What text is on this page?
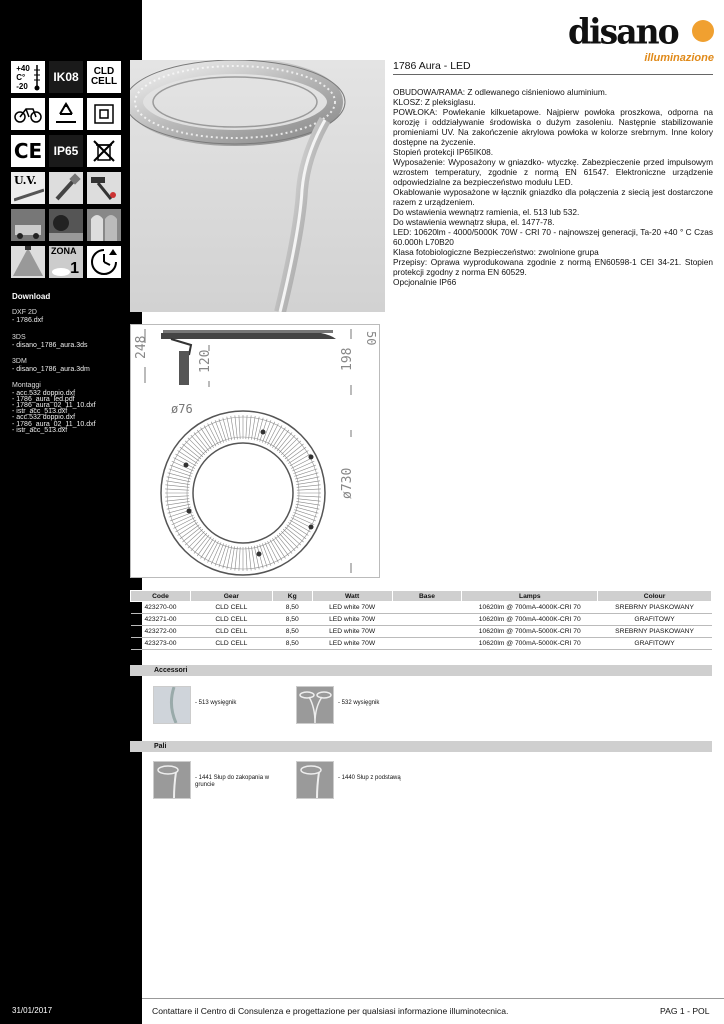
+40
C°
-20
IK08 CLD
CELL
CE IP65
U.V.
ZONA
1
Download
DXF 2D
- 1786.dxf
3DS
- disano_1786_aura.3ds
3DM
- disano_1786_aura.3dm
Montaggi
- acc.532 doppio.dxf
- 1786_aura_led.pdf
- 1786_aura_02_11_10.dxf
- istr_acc_513.dxf
- acc.532 doppio.dxf
- 1786_aura_02_11_10.dxf
- istr_acc_513.dxf
31/01/2017
disano
illuminazione
1786 Aura - LED

OBUDOWA/RAMA: Z odlewanego ciśnieniowo aluminium.

KLOSZ: Z pleksiglasu.

POWŁOKA: Powlekanie kilkuetapowe. Najpierw powłoka proszkowa, odporna na korozję i oddziaływanie środowiska o dużym zasoleniu. Następnie stabilizowanie promieniami UV. Na zakończenie akrylowa powłoka w kolorze srebrnym. Inne kolory dostępne na życzenie.

Stopień protekcji IP65IK08.

Wyposażenie: Wyposażony w gniazdko- wtyczkę. Zabezpieczenie przed impulsowym wzrostem temperatury, zgodnie z normą EN 61547. Elektroniczne urządzenie odpowiedzialne za bezpieczeństwo modułu LED.

Okablowanie wyposażone w łącznik gniazdko dla połączenia z siecią jest dostarczone razem z urządzeniem.

Do wstawienia wewnątrz ramienia, el. 513 lub 532.

Do wstawienia wewnątrz słupa, el. 1477-78.

LED: 10620lm - 4000/5000K 70W - CRI 70 - najnowszej generacji, Ta-20 +40 ° C Czas 60.000h L70B20

Klasa fotobiologiczne Bezpieczeństwo: zwolnione grupa

Przepisy: Oprawa wyprodukowana zgodnie z normą EN60598-1 CEI 34-21. Stopien protekcji zgodny z norma EN 60529.

Opcjonalnie IP66

248	50
198
120
ø76
ø730
Code	Gear	Kg	Watt	Base	Lamps	Colour
423270-00	CLD CELL	8,50	LED white 70W		10620lm @ 700mA-4000K-CRI 70	SREBRNY PIASKOWANY
423271-00	CLD CELL	8,50	LED white 70W		10620lm @ 700mA-4000K-CRI 70	GRAFITOWY
423272-00	CLD CELL	8,50	LED white 70W		10620lm @ 700mA-5000K-CRI 70	SREBRNY PIASKOWANY
423273-00	CLD CELL	8,50	LED white 70W		10620lm @ 700mA-5000K-CRI 70	GRAFITOWY
Accessori
- 513 wysięgnik	- 532 wysięgnik
Pali
- 1441 Słup do zakopania w gruncie
- 1440 Słup z podstawą
Contattare il Centro di Consulenza e progettazione per qualsiasi informazione illuminotecnica.	PAG 1 - POL
